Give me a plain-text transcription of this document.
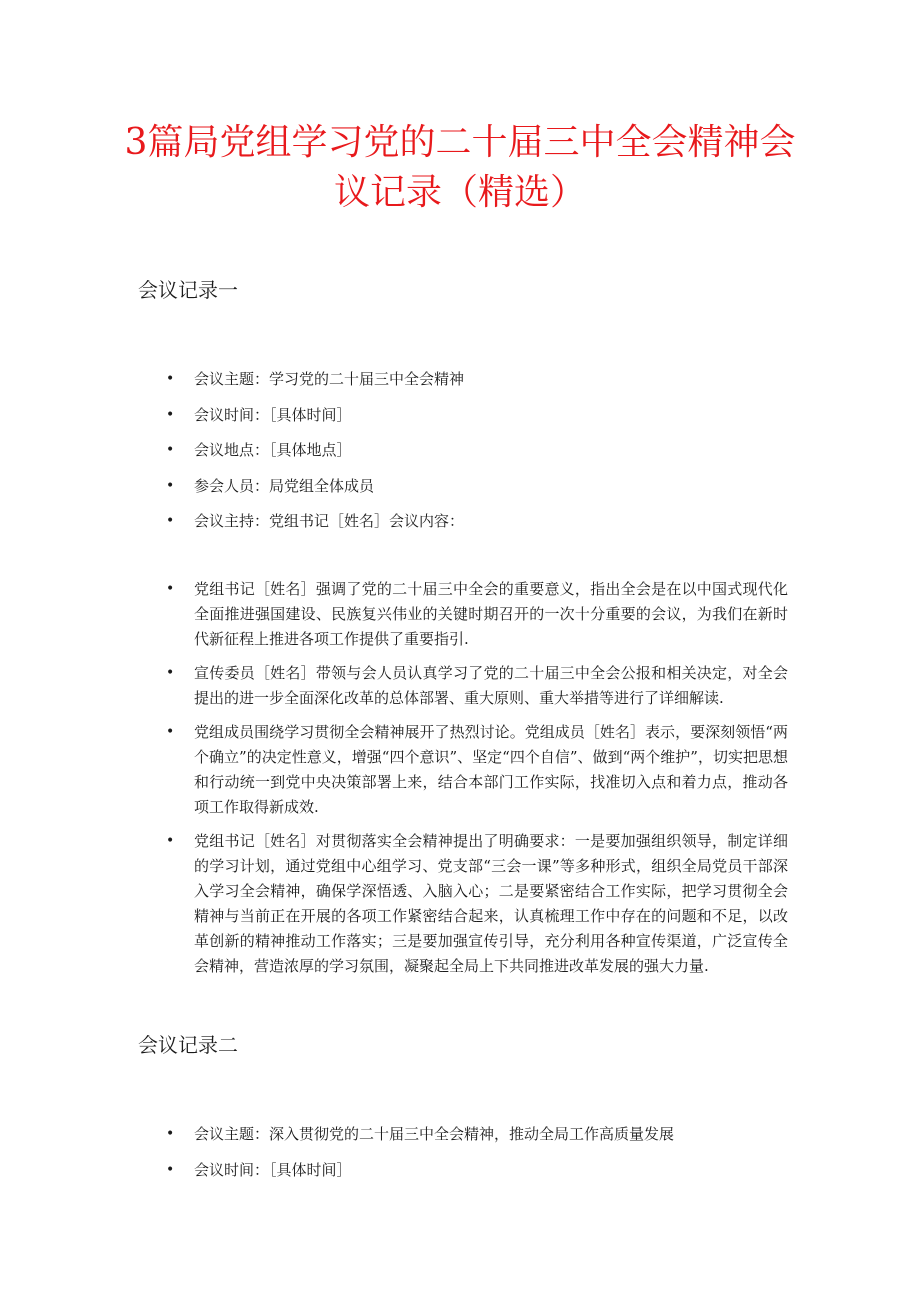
3篇局党组学习党的二十届三中全会精神会
议记录（精选）
会议记录一
• 会议主题：学习党的二十届三中全会精神
• 会议时间：［具体时间］
• 会议地点：［具体地点］
• 参会人员：局党组全体成员
• 会议主持：党组书记［姓名］会议内容：
• 党组书记［姓名］强调了党的二十届三中全会的重要意义，指出全会是在以中国式现代化全面推进强国建设、民族复兴伟业的关键时期召开的一次十分重要的会议，为我们在新时代新征程上推进各项工作提供了重要指引.
• 宣传委员［姓名］带领与会人员认真学习了党的二十届三中全会公报和相关决定，对全会提出的进一步全面深化改革的总体部署、重大原则、重大举措等进行了详细解读.
• 党组成员围绕学习贯彻全会精神展开了热烈讨论。党组成员［姓名］表示，要深刻领悟“两个确立”的决定性意义，增强“四个意识”、坚定“四个自信”、做到“两个维护”，切实把思想和行动统一到党中央决策部署上来，结合本部门工作实际，找准切入点和着力点，推动各项工作取得新成效.
• 党组书记［姓名］对贯彻落实全会精神提出了明确要求：一是要加强组织领导，制定详细的学习计划，通过党组中心组学习、党支部“三会一课”等多种形式，组织全局党员干部深入学习全会精神，确保学深悟透、入脑入心；二是要紧密结合工作实际，把学习贯彻全会精神与当前正在开展的各项工作紧密结合起来，认真梳理工作中存在的问题和不足，以改革创新的精神推动工作落实；三是要加强宣传引导，充分利用各种宣传渠道，广泛宣传全会精神，营造浓厚的学习氛围，凝聚起全局上下共同推进改革发展的强大力量.
会议记录二
• 会议主题：深入贯彻党的二十届三中全会精神，推动全局工作高质量发展
• 会议时间：［具体时间］
